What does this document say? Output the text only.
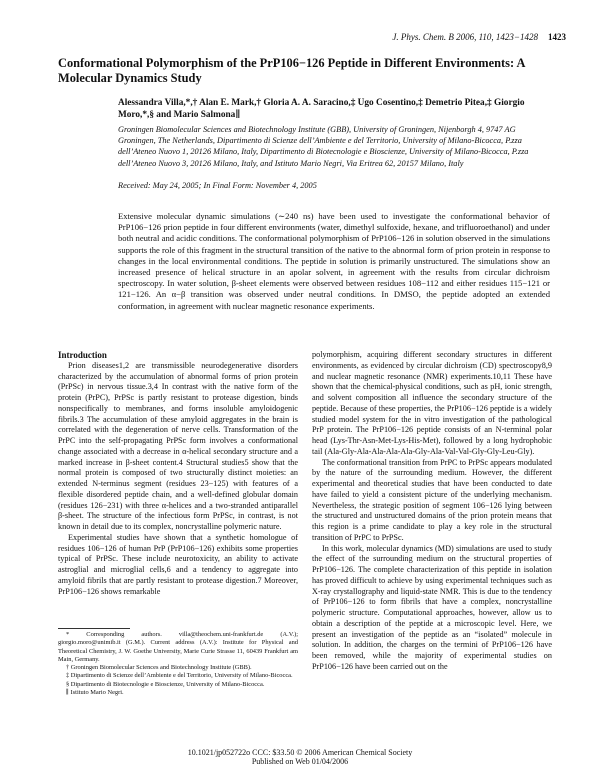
J. Phys. Chem. B 2006, 110, 1423−1428 1423
Conformational Polymorphism of the PrP106−126 Peptide in Different Environments: A Molecular Dynamics Study
Alessandra Villa,*,† Alan E. Mark,† Gloria A. A. Saracino,‡ Ugo Cosentino,‡ Demetrio Pitea,‡ Giorgio Moro,*,§ and Mario Salmona∥
Groningen Biomolecular Sciences and Biotechnology Institute (GBB), University of Groningen, Nijenborgh 4, 9747 AG Groningen, The Netherlands, Dipartimento di Scienze dell’Ambiente e del Territorio, University of Milano-Bicocca, P.zza dell’Ateneo Nuovo 1, 20126 Milano, Italy, Dipartimento di Biotecnologie e Bioscienze, University of Milano-Bicocca, P.zza dell’Ateneo Nuovo 3, 20126 Milano, Italy, and Istituto Mario Negri, Via Eritrea 62, 20157 Milano, Italy
Received: May 24, 2005; In Final Form: November 4, 2005
Extensive molecular dynamic simulations (∼240 ns) have been used to investigate the conformational behavior of PrP106−126 prion peptide in four different environments (water, dimethyl sulfoxide, hexane, and trifluoroethanol) and under both neutral and acidic conditions. The conformational polymorphism of PrP106−126 in solution observed in the simulations supports the role of this fragment in the structural transition of the native to the abnormal form of prion protein in response to changes in the local environmental conditions. The peptide in solution is primarily unstructured. The simulations show an increased presence of helical structure in an apolar solvent, in agreement with the results from circular dichroism spectroscopy. In water solution, β-sheet elements were observed between residues 108−112 and either residues 115−121 or 121−126. An α−β transition was observed under neutral conditions. In DMSO, the peptide adopted an extended conformation, in agreement with nuclear magnetic resonance experiments.

Introduction

Prion diseases1,2 are transmissible neurodegenerative disorders characterized by the accumulation of abnormal forms of prion protein (PrPSc) in nervous tissue.3,4 In contrast with the native form of the protein (PrPC), PrPSc is partly resistant to protease digestion, binds nonspecifically to membranes, and forms insoluble amyloidogenic fibrils.3 The accumulation of these amyloid aggregates in the brain is correlated with the degeneration of nerve cells. Transformation of the PrPC into the self-propagating PrPSc form involves a conformational change associated with a decrease in α-helical secondary structure and a marked increase in β-sheet content.4 Structural studies5 show that the normal protein is composed of two structurally distinct moieties: an extended N-terminus segment (residues 23−125) with features of a flexible disordered peptide chain, and a well-defined globular domain (residues 126−231) with three α-helices and a two-stranded antiparallel β-sheet. The structure of the infectious form PrPSc, in contrast, is not known in detail due to its complex, noncrystalline polymeric nature.

Experimental studies have shown that a synthetic homologue of residues 106−126 of human PrP (PrP106−126) exhibits some properties typical of PrPSc. These include neurotoxicity, an ability to activate astroglial and microglial cells,6 and a tendency to aggregate into amyloid fibrils that are partly resistant to protease digestion.7 Moreover, PrP106−126 shows remarkable

polymorphism, acquiring different secondary structures in different environments, as evidenced by circular dichroism (CD) spectroscopy8,9 and nuclear magnetic resonance (NMR) experiments.10,11 These have shown that the chemical-physical conditions, such as pH, ionic strength, and solvent composition all influence the secondary structure of the peptide. Because of these properties, the PrP106−126 peptide is a widely studied model system for the in vitro investigation of the pathological PrP protein. The PrP106−126 peptide consists of an N-terminal polar head (Lys-Thr-Asn-Met-Lys-His-Met), followed by a long hydrophobic tail (Ala-Gly-Ala-Ala-Ala-Ala-Gly-Ala-Val-Val-Gly-Gly-Leu-Gly).

The conformational transition from PrPC to PrPSc appears modulated by the nature of the surrounding medium. However, the different experimental and theoretical studies that have been conducted to date have failed to yield a consistent picture of the underlying mechanism. Nevertheless, the strategic position of segment 106−126 lying between the structured and unstructured domains of the prion protein means that this region is a prime candidate to play a key role in the structural transition of PrPC to PrPSc.

In this work, molecular dynamics (MD) simulations are used to study the effect of the surrounding medium on the structural properties of PrP106−126. The complete characterization of this peptide in isolation has proved difficult to achieve by using experimental techniques such as X-ray crystallography and liquid-state NMR. This is due to the tendency of PrP106−126 to form fibrils that have a complex, noncrystalline polymeric structure. Computational approaches, however, allow us to obtain a description of the peptide at a microscopic level. Here, we present an investigation of the peptide as an “isolated” molecule in solution. In addition, the charges on the termini of PrP106−126 have been removed, while the majority of experimental studies on PrP106−126 have been carried out on the

* Corresponding authors. villa@theochem.uni-frankfurt.de (A.V.); giorgio.moro@unimib.it (G.M.). Current address (A.V.): Institute for Physical and Theoretical Chemistry, J. W. Goethe University, Marie Curie Strasse 11, 60439 Frankfurt am Main, Germany.
† Groningen Biomolecular Sciences and Biotechnology Institute (GBB).
‡ Dipartimento di Scienze dell’Ambiente e del Territorio, University of Milano-Bicocca.
§ Dipartimento di Biotecnologie e Bioscienze, University of Milano-Bicocca.
∥ Istituto Mario Negri.
10.1021/jp052722o CCC: $33.50 © 2006 American Chemical Society
Published on Web 01/04/2006
